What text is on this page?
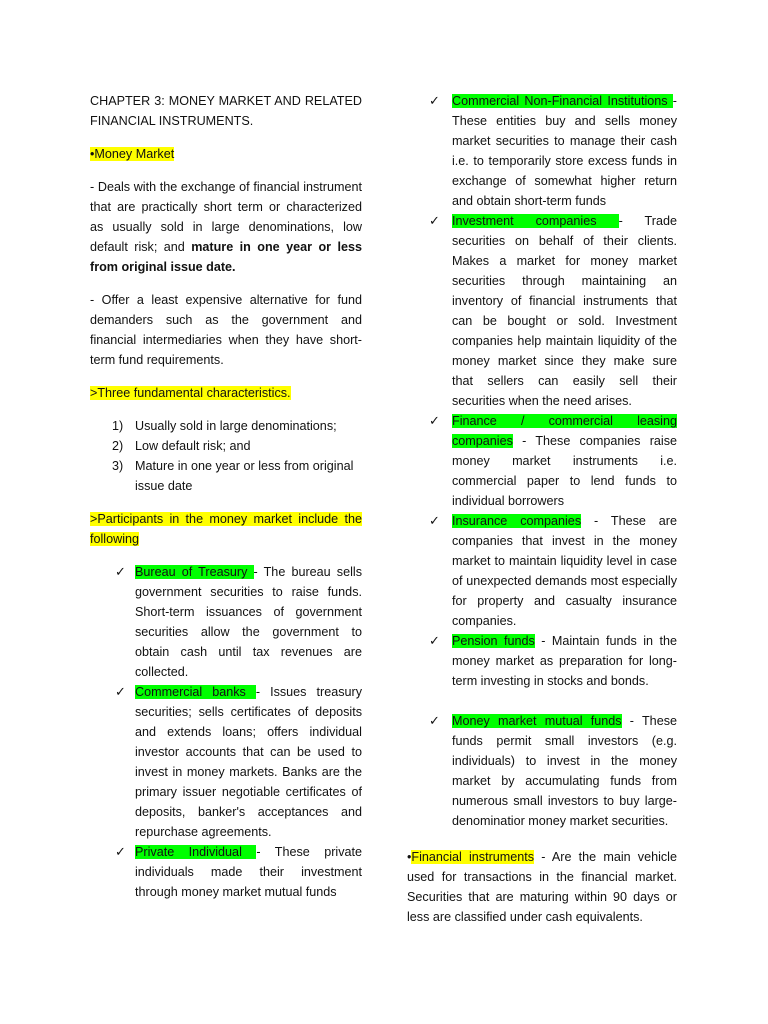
CHAPTER 3: MONEY MARKET AND RELATED FINANCIAL INSTRUMENTS.

•Money Market

- Deals with the exchange of financial instrument that are practically short term or characterized as usually sold in large denominations, low default risk; and mature in one year or less from original issue date.

- Offer a least expensive alternative for fund demanders such as the government and financial intermediaries when they have short-term fund requirements.

>Three fundamental characteristics.

1) Usually sold in large denominations;
2) Low default risk; and
3) Mature in one year or less from original issue date

>Participants in the money market include the following

✓ Bureau of Treasury - The bureau sells government securities to raise funds. Short-term issuances of government securities allow the government to obtain cash until tax revenues are collected.
✓ Commercial banks - Issues treasury securities; sells certificates of deposits and extends loans; offers individual investor accounts that can be used to invest in money markets. Banks are the primary issuer negotiable certificates of deposits, banker's acceptances and repurchase agreements.
✓ Private Individual - These private individuals made their investment through money market mutual funds
✓ Commercial Non-Financial Institutions - These entities buy and sells money market securities to manage their cash i.e. to temporarily store excess funds in exchange of somewhat higher return and obtain short-term funds
✓ Investment companies - Trade securities on behalf of their clients. Makes a market for money market securities through maintaining an inventory of financial instruments that can be bought or sold. Investment companies help maintain liquidity of the money market since they make sure that sellers can easily sell their securities when the need arises.
✓ Finance / commercial leasing companies - These companies raise money market instruments i.e. commercial paper to lend funds to individual borrowers
✓ Insurance companies - These are companies that invest in the money market to maintain liquidity level in case of unexpected demands most especially for property and casualty insurance companies.
✓ Pension funds - Maintain funds in the money market as preparation for long-term investing in stocks and bonds.
✓ Money market mutual funds - These funds permit small investors (e.g. individuals) to invest in the money market by accumulating funds from numerous small investors to buy large-denominatior money market securities.

•Financial instruments - Are the main vehicle used for transactions in the financial market. Securities that are maturing within 90 days or less are classified under cash equivalents.
